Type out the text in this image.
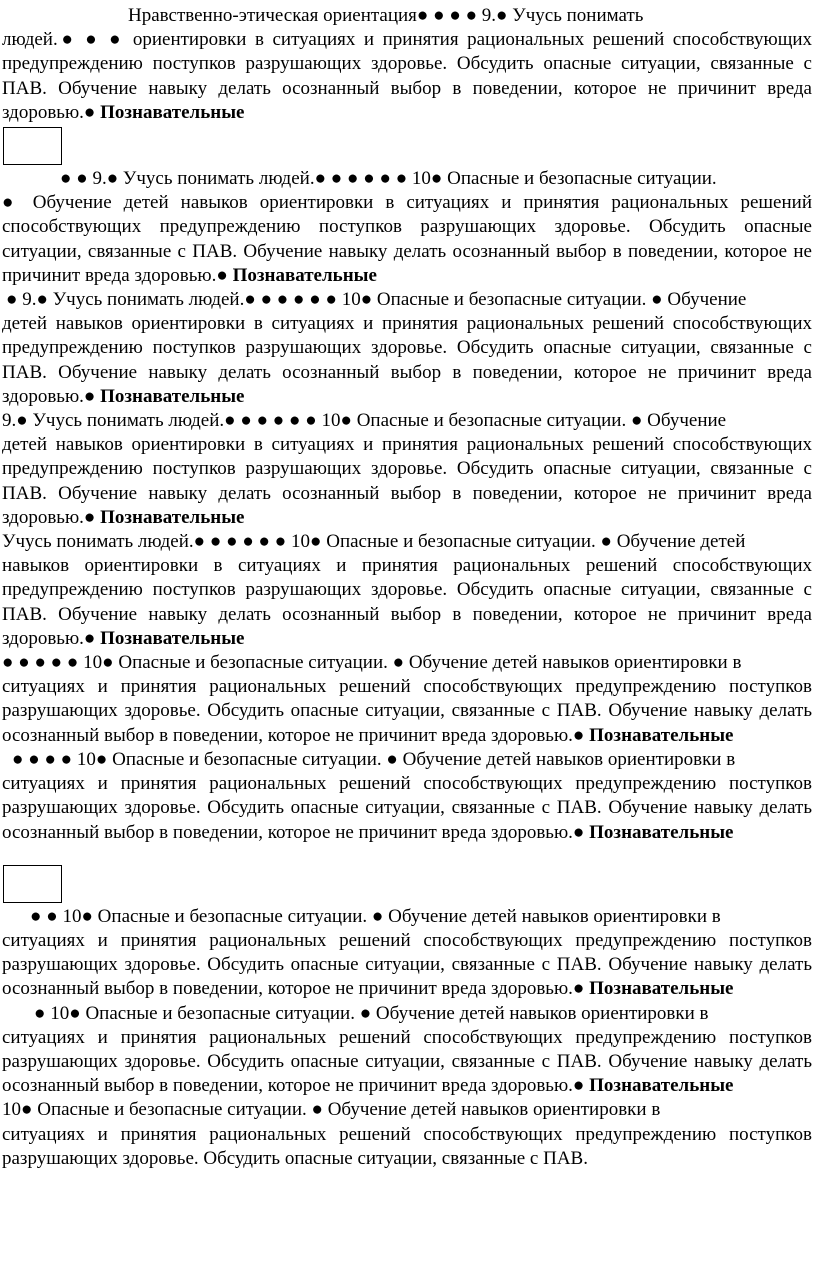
Нравственно-этическая ориентация● ● ● ● 9.● Учусь понимать

людей.● ● ● ориентировки в ситуациях и принятия рациональных решений способствующих предупреждению поступков разрушающих здоровье. Обсудить опасные ситуации, связанные с ПАВ. Обучение навыку делать осознанный выбор в поведении, которое не причинит вреда здоровью.● Познавательные

● ● 9.● Учусь понимать людей.● ● ● ● ● ● 10● Опасные и безопасные ситуации.

● Обучение детей навыков ориентировки в ситуациях и принятия рациональных решений способствующих предупреждению поступков разрушающих здоровье. Обсудить опасные ситуации, связанные с ПАВ. Обучение навыку делать осознанный выбор в поведении, которое не причинит вреда здоровью.● Познавательные

● 9.● Учусь понимать людей.● ● ● ● ● ● 10● Опасные и безопасные ситуации. ● Обучение

детей навыков ориентировки в ситуациях и принятия рациональных решений способствующих предупреждению поступков разрушающих здоровье. Обсудить опасные ситуации, связанные с ПАВ. Обучение навыку делать осознанный выбор в поведении, которое не причинит вреда здоровью.● Познавательные

9.● Учусь понимать людей.● ● ● ● ● ● 10● Опасные и безопасные ситуации. ● Обучение

детей навыков ориентировки в ситуациях и принятия рациональных решений способствующих предупреждению поступков разрушающих здоровье. Обсудить опасные ситуации, связанные с ПАВ. Обучение навыку делать осознанный выбор в поведении, которое не причинит вреда здоровью.● Познавательные

Учусь понимать людей.● ● ● ● ● ● 10● Опасные и безопасные ситуации. ● Обучение детей

навыков ориентировки в ситуациях и принятия рациональных решений способствующих предупреждению поступков разрушающих здоровье. Обсудить опасные ситуации, связанные с ПАВ. Обучение навыку делать осознанный выбор в поведении, которое не причинит вреда здоровью.● Познавательные

● ● ● ● ● 10● Опасные и безопасные ситуации. ● Обучение детей навыков ориентировки в

ситуациях и принятия рациональных решений способствующих предупреждению поступков разрушающих здоровье. Обсудить опасные ситуации, связанные с ПАВ. Обучение навыку делать осознанный выбор в поведении, которое не причинит вреда здоровью.● Познавательные

● ● ● ● 10● Опасные и безопасные ситуации. ● Обучение детей навыков ориентировки в

ситуациях и принятия рациональных решений способствующих предупреждению поступков разрушающих здоровье. Обсудить опасные ситуации, связанные с ПАВ. Обучение навыку делать осознанный выбор в поведении, которое не причинит вреда здоровью.● Познавательные

● ● 10● Опасные и безопасные ситуации. ● Обучение детей навыков ориентировки в

ситуациях и принятия рациональных решений способствующих предупреждению поступков разрушающих здоровье. Обсудить опасные ситуации, связанные с ПАВ. Обучение навыку делать осознанный выбор в поведении, которое не причинит вреда здоровью.● Познавательные

● 10● Опасные и безопасные ситуации. ● Обучение детей навыков ориентировки в

ситуациях и принятия рациональных решений способствующих предупреждению поступков разрушающих здоровье. Обсудить опасные ситуации, связанные с ПАВ. Обучение навыку делать осознанный выбор в поведении, которое не причинит вреда здоровью.● Познавательные

10● Опасные и безопасные ситуации. ● Обучение детей навыков ориентировки в

ситуациях и принятия рациональных решений способствующих предупреждению поступков разрушающих здоровье. Обсудить опасные ситуации, связанные с ПАВ.
